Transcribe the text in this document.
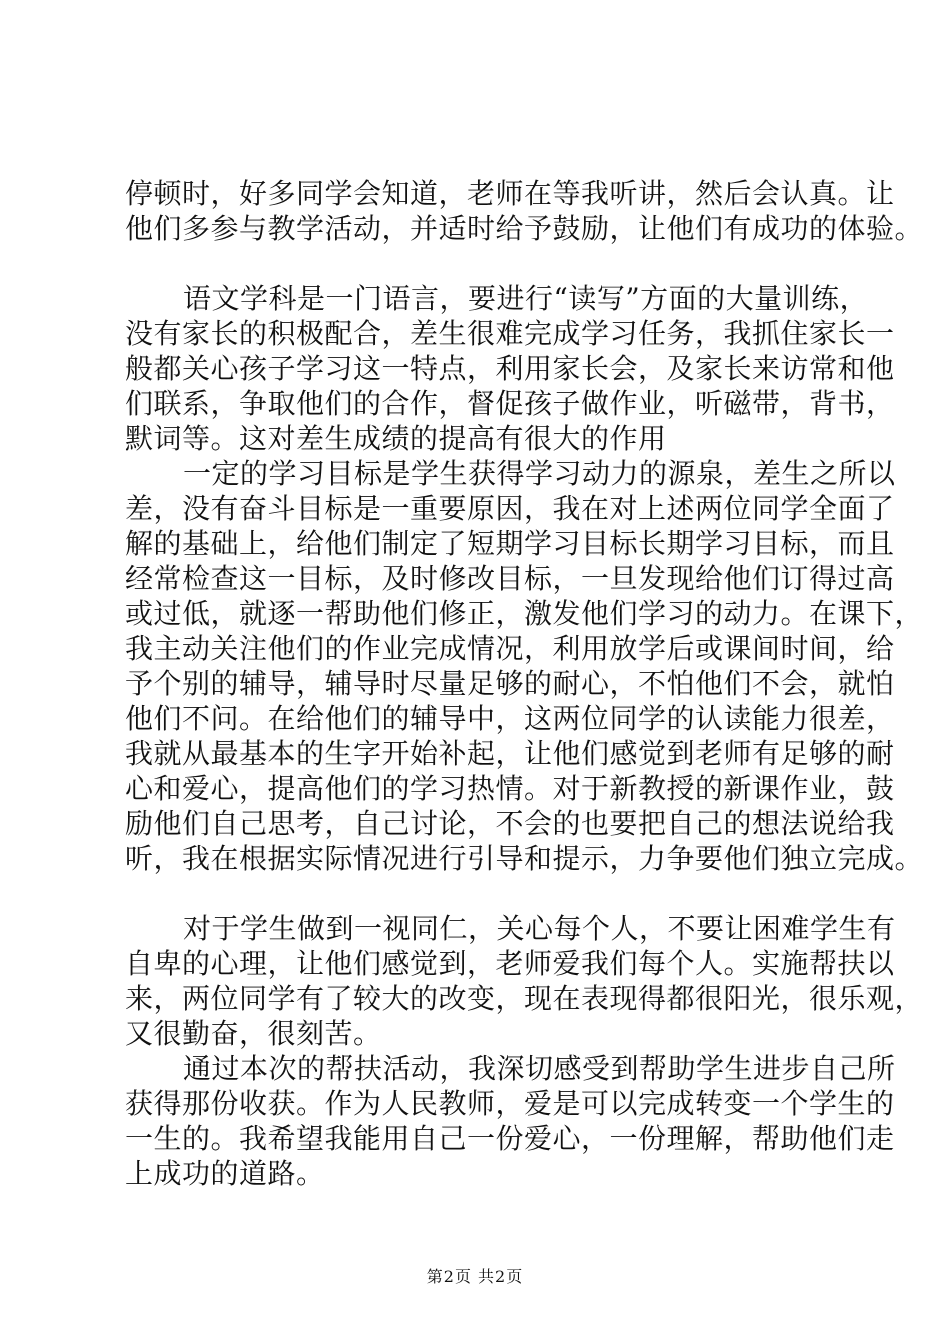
停顿时，好多同学会知道，老师在等我听讲，然后会认真。让
他们多参与教学活动，并适时给予鼓励，让他们有成功的体验。
语文学科是一门语言，要进行“读写”方面的大量训练，
没有家长的积极配合，差生很难完成学习任务，我抓住家长一
般都关心孩子学习这一特点，利用家长会，及家长来访常和他
们联系，争取他们的合作，督促孩子做作业，听磁带，背书，
默词等。这对差生成绩的提高有很大的作用
一定的学习目标是学生获得学习动力的源泉，差生之所以
差，没有奋斗目标是一重要原因，我在对上述两位同学全面了
解的基础上，给他们制定了短期学习目标长期学习目标，而且
经常检查这一目标，及时修改目标，一旦发现给他们订得过高
或过低，就逐一帮助他们修正，激发他们学习的动力。在课下，
我主动关注他们的作业完成情况，利用放学后或课间时间，给
予个别的辅导，辅导时尽量足够的耐心，不怕他们不会，就怕
他们不问。在给他们的辅导中，这两位同学的认读能力很差，
我就从最基本的生字开始补起，让他们感觉到老师有足够的耐
心和爱心，提高他们的学习热情。对于新教授的新课作业，鼓
励他们自己思考，自己讨论，不会的也要把自己的想法说给我
听，我在根据实际情况进行引导和提示，力争要他们独立完成。
对于学生做到一视同仁，关心每个人，不要让困难学生有
自卑的心理，让他们感觉到，老师爱我们每个人。实施帮扶以
来，两位同学有了较大的改变，现在表现得都很阳光，很乐观，
又很勤奋，很刻苦。
通过本次的帮扶活动，我深切感受到帮助学生进步自己所
获得那份收获。作为人民教师，爱是可以完成转变一个学生的
一生的。我希望我能用自己一份爱心，一份理解，帮助他们走
上成功的道路。
第2页 共2页
